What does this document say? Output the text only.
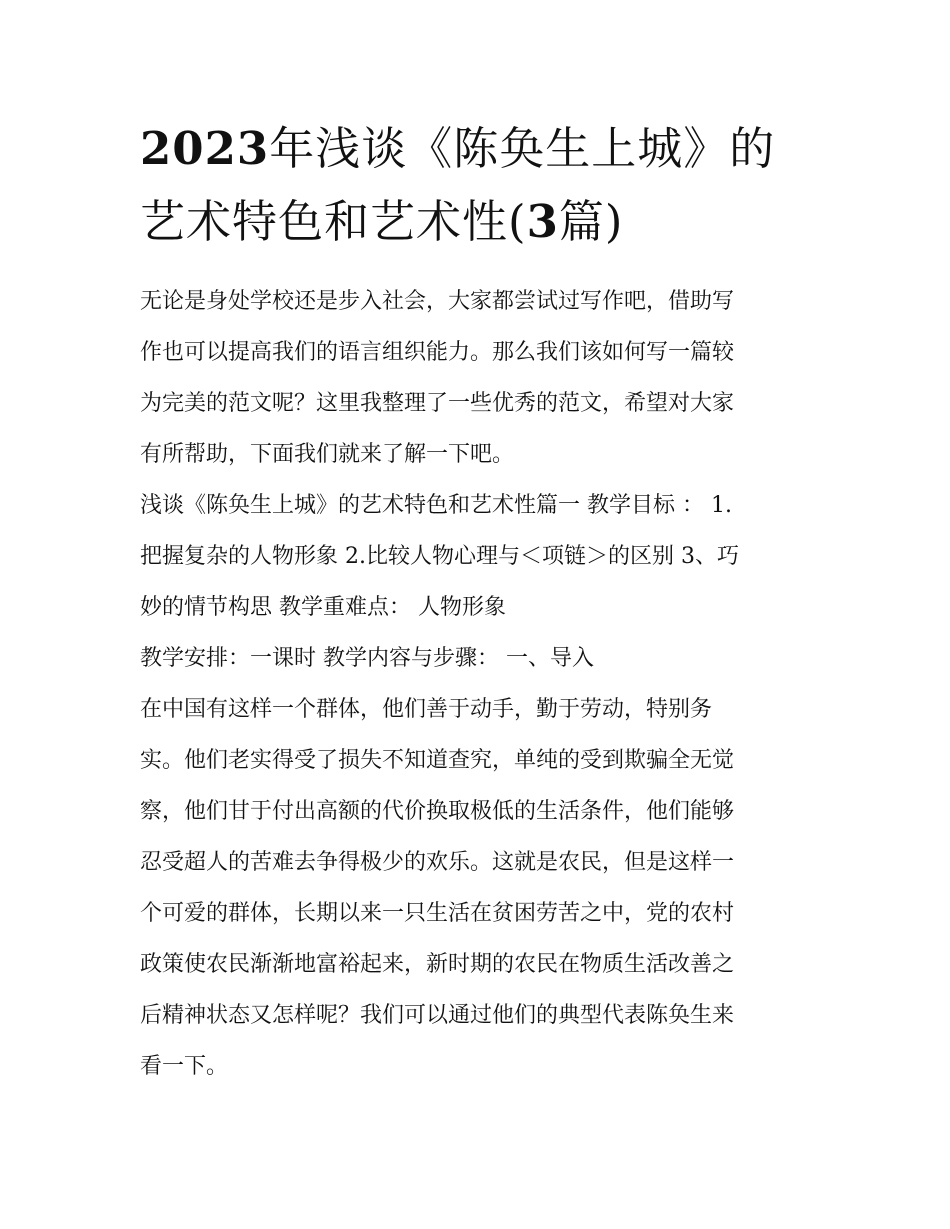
2023年浅谈《陈奂生上城》的
艺术特色和艺术性(3篇)

无论是身处学校还是步入社会，大家都尝试过写作吧，借助写
作也可以提高我们的语言组织能力。那么我们该如何写一篇较
为完美的范文呢？这里我整理了一些优秀的范文，希望对大家
有所帮助，下面我们就来了解一下吧。

浅谈《陈奂生上城》的艺术特色和艺术性篇一 教学目标 ： 1.
把握复杂的人物形象 2.比较人物心理与＜项链＞的区别 3、巧
妙的情节构思 教学重难点： 人物形象

教学安排：一课时 教学内容与步骤： 一、导入

在中国有这样一个群体，他们善于动手，勤于劳动，特别务
实。他们老实得受了损失不知道查究，单纯的受到欺骗全无觉
察，他们甘于付出高额的代价换取极低的生活条件，他们能够
忍受超人的苦难去争得极少的欢乐。这就是农民，但是这样一
个可爱的群体，长期以来一只生活在贫困劳苦之中，党的农村
政策使农民渐渐地富裕起来，新时期的农民在物质生活改善之
后精神状态又怎样呢？我们可以通过他们的典型代表陈奂生来
看一下。
